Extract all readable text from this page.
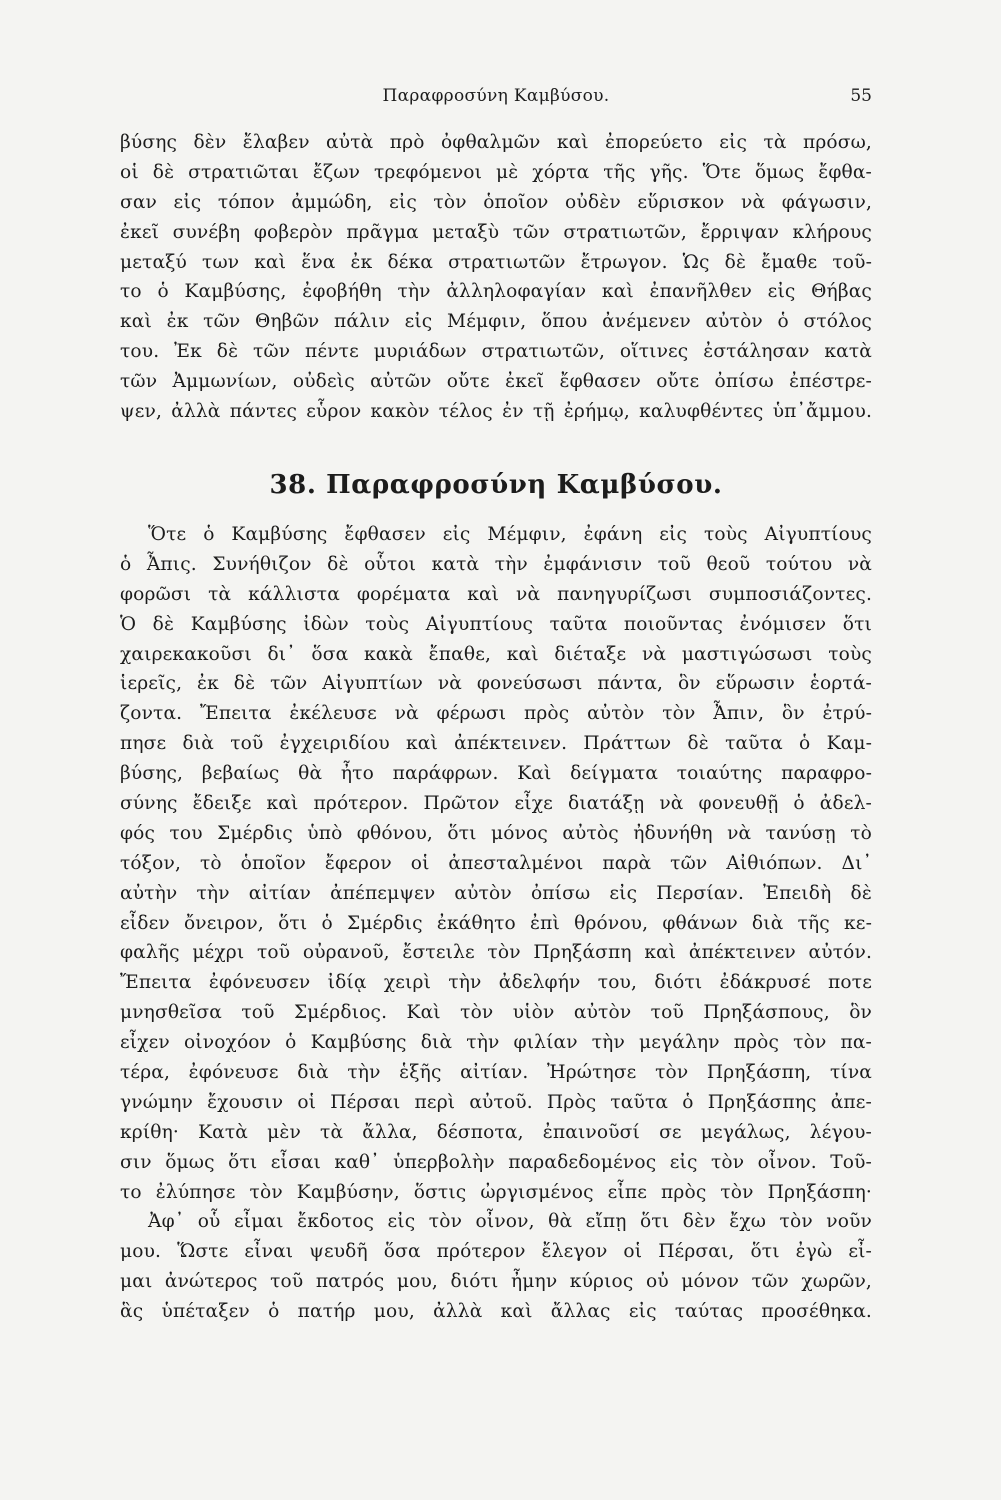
Παραφροσύνη Καμβύσου.	55
βύσης δὲν ἔλαβεν αὐτὰ πρὸ ὀφθαλμῶν καὶ ἐπορεύετο εἰς τὰ πρόσω,
οἱ δὲ στρατιῶται ἔζων τρεφόμενοι μὲ χόρτα τῆς γῆς. Ὅτε ὅμως ἔφθα-
σαν εἰς τόπον ἀμμώδη, εἰς τὸν ὁποῖον οὐδὲν εὕρισκον νὰ φάγωσιν,
ἐκεῖ συνέβη φοβερὸν πρᾶγμα μεταξὺ τῶν στρατιωτῶν, ἔρριψαν κλήρους
μεταξύ των καὶ ἕνα ἐκ δέκα στρατιωτῶν ἔτρωγον. Ὡς δὲ ἔμαθε τοῦ-
το ὁ Καμβύσης, ἐφοβήθη τὴν ἀλληλοφαγίαν καὶ ἐπανῆλθεν εἰς Θήβας
καὶ ἐκ τῶν Θηβῶν πάλιν εἰς Μέμφιν, ὅπου ἀνέμενεν αὐτὸν ὁ στόλος
του. Ἐκ δὲ τῶν πέντε μυριάδων στρατιωτῶν, οἵτινες ἐστάλησαν κατὰ
τῶν Ἀμμωνίων, οὐδεὶς αὐτῶν οὔτε ἐκεῖ ἔφθασεν οὔτε ὀπίσω ἐπέστρε-
ψεν, ἀλλὰ πάντες εὗρον κακὸν τέλος ἐν τῇ ἐρήμῳ, καλυφθέντες ὑπ᾽ἄμμου.
38. Παραφροσύνη Καμβύσου.
Ὅτε ὁ Καμβύσης ἔφθασεν εἰς Μέμφιν, ἐφάνη εἰς τοὺς Αἰγυπτίους
ὁ Ἆπις. Συνήθιζον δὲ οὗτοι κατὰ τὴν ἐμφάνισιν τοῦ θεοῦ τούτου νὰ
φορῶσι τὰ κάλλιστα φορέματα καὶ νὰ πανηγυρίζωσι συμποσιάζοντες.
Ὁ δὲ Καμβύσης ἰδὼν τοὺς Αἰγυπτίους ταῦτα ποιοῦντας ἐνόμισεν ὅτι
χαιρεκακοῦσι δι᾽ ὅσα κακὰ ἔπαθε, καὶ διέταξε νὰ μαστιγώσωσι τοὺς
ἱερεῖς, ἐκ δὲ τῶν Αἰγυπτίων νὰ φονεύσωσι πάντα, ὃν εὕρωσιν ἑορτά-
ζοντα. Ἔπειτα ἐκέλευσε νὰ φέρωσι πρὸς αὐτὸν τὸν Ἆπιν, ὃν ἐτρύ-
πησε διὰ τοῦ ἐγχειριδίου καὶ ἀπέκτεινεν. Πράττων δὲ ταῦτα ὁ Καμ-
βύσης, βεβαίως θὰ ἦτο παράφρων. Καὶ δείγματα τοιαύτης παραφρο-
σύνης ἔδειξε καὶ πρότερον. Πρῶτον εἶχε διατάξῃ νὰ φονευθῇ ὁ ἀδελ-
φός του Σμέρδις ὑπὸ φθόνου, ὅτι μόνος αὐτὸς ἠδυνήθη νὰ τανύσῃ τὸ
τόξον, τὸ ὁποῖον ἔφερον οἱ ἀπεσταλμένοι παρὰ τῶν Αἰθιόπων. Δι᾽
αὐτὴν τὴν αἰτίαν ἀπέπεμψεν αὐτὸν ὀπίσω εἰς Περσίαν. Ἐπειδὴ δὲ
εἶδεν ὄνειρον, ὅτι ὁ Σμέρδις ἐκάθητο ἐπὶ θρόνου, φθάνων διὰ τῆς κε-
φαλῆς μέχρι τοῦ οὐρανοῦ, ἔστειλε τὸν Πρηξάσπη καὶ ἀπέκτεινεν αὐτόν.
Ἔπειτα ἐφόνευσεν ἰδίᾳ χειρὶ τὴν ἀδελφήν του, διότι ἐδάκρυσέ ποτε
μνησθεῖσα τοῦ Σμέρδιος. Καὶ τὸν υἱὸν αὐτὸν τοῦ Πρηξάσπους, ὃν
εἶχεν οἰνοχόον ὁ Καμβύσης διὰ τὴν φιλίαν τὴν μεγάλην πρὸς τὸν πα-
τέρα, ἐφόνευσε διὰ τὴν ἑξῆς αἰτίαν. Ἠρώτησε τὸν Πρηξάσπη, τίνα
γνώμην ἔχουσιν οἱ Πέρσαι περὶ αὐτοῦ. Πρὸς ταῦτα ὁ Πρηξάσπης ἀπε-
κρίθη· Κατὰ μὲν τὰ ἄλλα, δέσποτα, ἐπαινοῦσί σε μεγάλως, λέγου-
σιν ὅμως ὅτι εἶσαι καθ᾽ ὑπερβολὴν παραδεδομένος εἰς τὸν οἶνον. Τοῦ-
το ἐλύπησε τὸν Καμβύσην, ὅστις ὠργισμένος εἶπε πρὸς τὸν Πρηξάσπη·
Ἀφ᾽ οὗ εἶμαι ἔκδοτος εἰς τὸν οἶνον, θὰ εἴπῃ ὅτι δὲν ἔχω τὸν νοῦν
μου. Ὥστε εἶναι ψευδῆ ὅσα πρότερον ἔλεγον οἱ Πέρσαι, ὅτι ἐγὼ εἶ-
μαι ἀνώτερος τοῦ πατρός μου, διότι ἦμην κύριος οὐ μόνον τῶν χωρῶν,
ἃς ὑπέταξεν ὁ πατήρ μου, ἀλλὰ καὶ ἄλλας εἰς ταύτας προσέθηκα.
